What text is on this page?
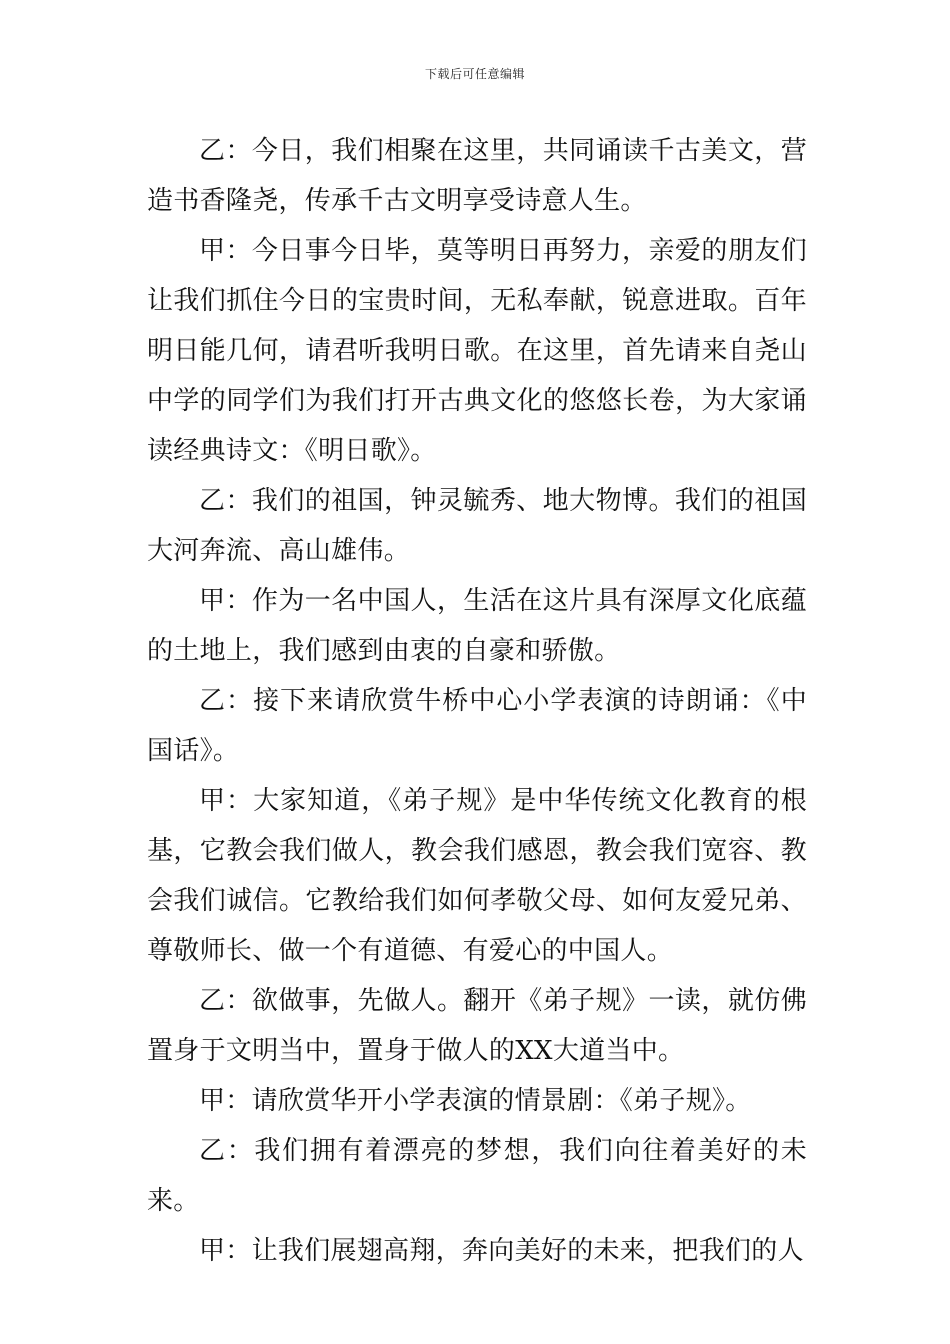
下载后可任意编辑

乙：今日，我们相聚在这里，共同诵读千古美文，营造书香隆尧，传承千古文明享受诗意人生。

甲：今日事今日毕，莫等明日再努力，亲爱的朋友们让我们抓住今日的宝贵时间，无私奉献，锐意进取。百年明日能几何，请君听我明日歌。在这里，首先请来自尧山中学的同学们为我们打开古典文化的悠悠长卷，为大家诵读经典诗文：《明日歌》。

乙：我们的祖国，钟灵毓秀、地大物博。我们的祖国大河奔流、高山雄伟。

甲：作为一名中国人，生活在这片具有深厚文化底蕴的土地上，我们感到由衷的自豪和骄傲。

乙：接下来请欣赏牛桥中心小学表演的诗朗诵：《中国话》。

甲：大家知道，《弟子规》是中华传统文化教育的根基，它教会我们做人，教会我们感恩，教会我们宽容、教会我们诚信。它教给我们如何孝敬父母、如何友爱兄弟、尊敬师长、做一个有道德、有爱心的中国人。

乙：欲做事，先做人。翻开《弟子规》一读，就仿佛置身于文明当中，置身于做人的XX大道当中。

甲：请欣赏华开小学表演的情景剧：《弟子规》。

乙：我们拥有着漂亮的梦想，我们向往着美好的未来。

甲：让我们展翅高翔，奔向美好的未来，把我们的人
